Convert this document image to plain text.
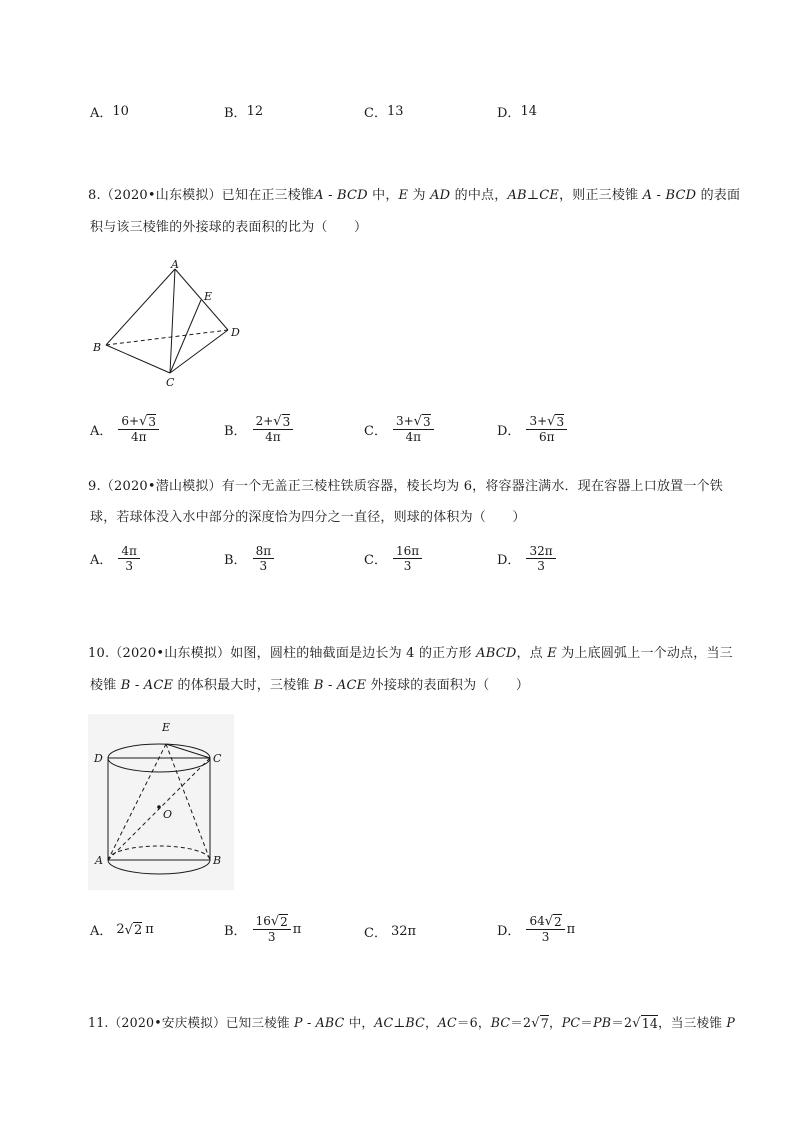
A． 10	B． 12	C． 13	D． 14
8.（2020•山东模拟）已知在正三棱锥A - BCD 中，E 为 AD 的中点，AB⊥CE，则正三棱锥 A - BCD 的表面
积与该三棱锥的外接球的表面积的比为（　　）
A
E
D
B
C
A． $\frac{6+ √ 3}{4\pi}$	B． $\frac{2+ √ 3}{4\pi}$	C． $\frac{3+ √ 3}{4\pi}$	D． $\frac{3+ √ 3}{6\pi}$
9.（2020•潜山模拟）有一个无盖正三棱柱铁质容器，棱长均为 6，将容器注满水．现在容器上口放置一个铁
球，若球体没入水中部分的深度恰为四分之一直径，则球的体积为（　　）
A． $\frac{4\pi}{3}$	B． $\frac{8\pi}{3}$	C． $\frac{16\pi}{3}$	D． $\frac{32\pi}{3}$
10.（2020•山东模拟）如图，圆柱的轴截面是边长为 4 的正方形 ABCD，点 E 为上底圆弧上一个动点，当三
棱锥 B - ACE 的体积最大时，三棱锥 B - ACE 外接球的表面积为（　　）
E
D	C
O
A	B
A． 2 √ 2 π	B． $\frac{16 √ 2}{3}$ π	C． 32π	D． $\frac{64 √ 2}{3}$ π
11.（2020•安庆模拟）已知三棱锥 P - ABC 中，AC⊥BC，AC＝6，BC＝2 √ 7 ，PC＝PB＝2 √ 14 ，当三棱锥 P
